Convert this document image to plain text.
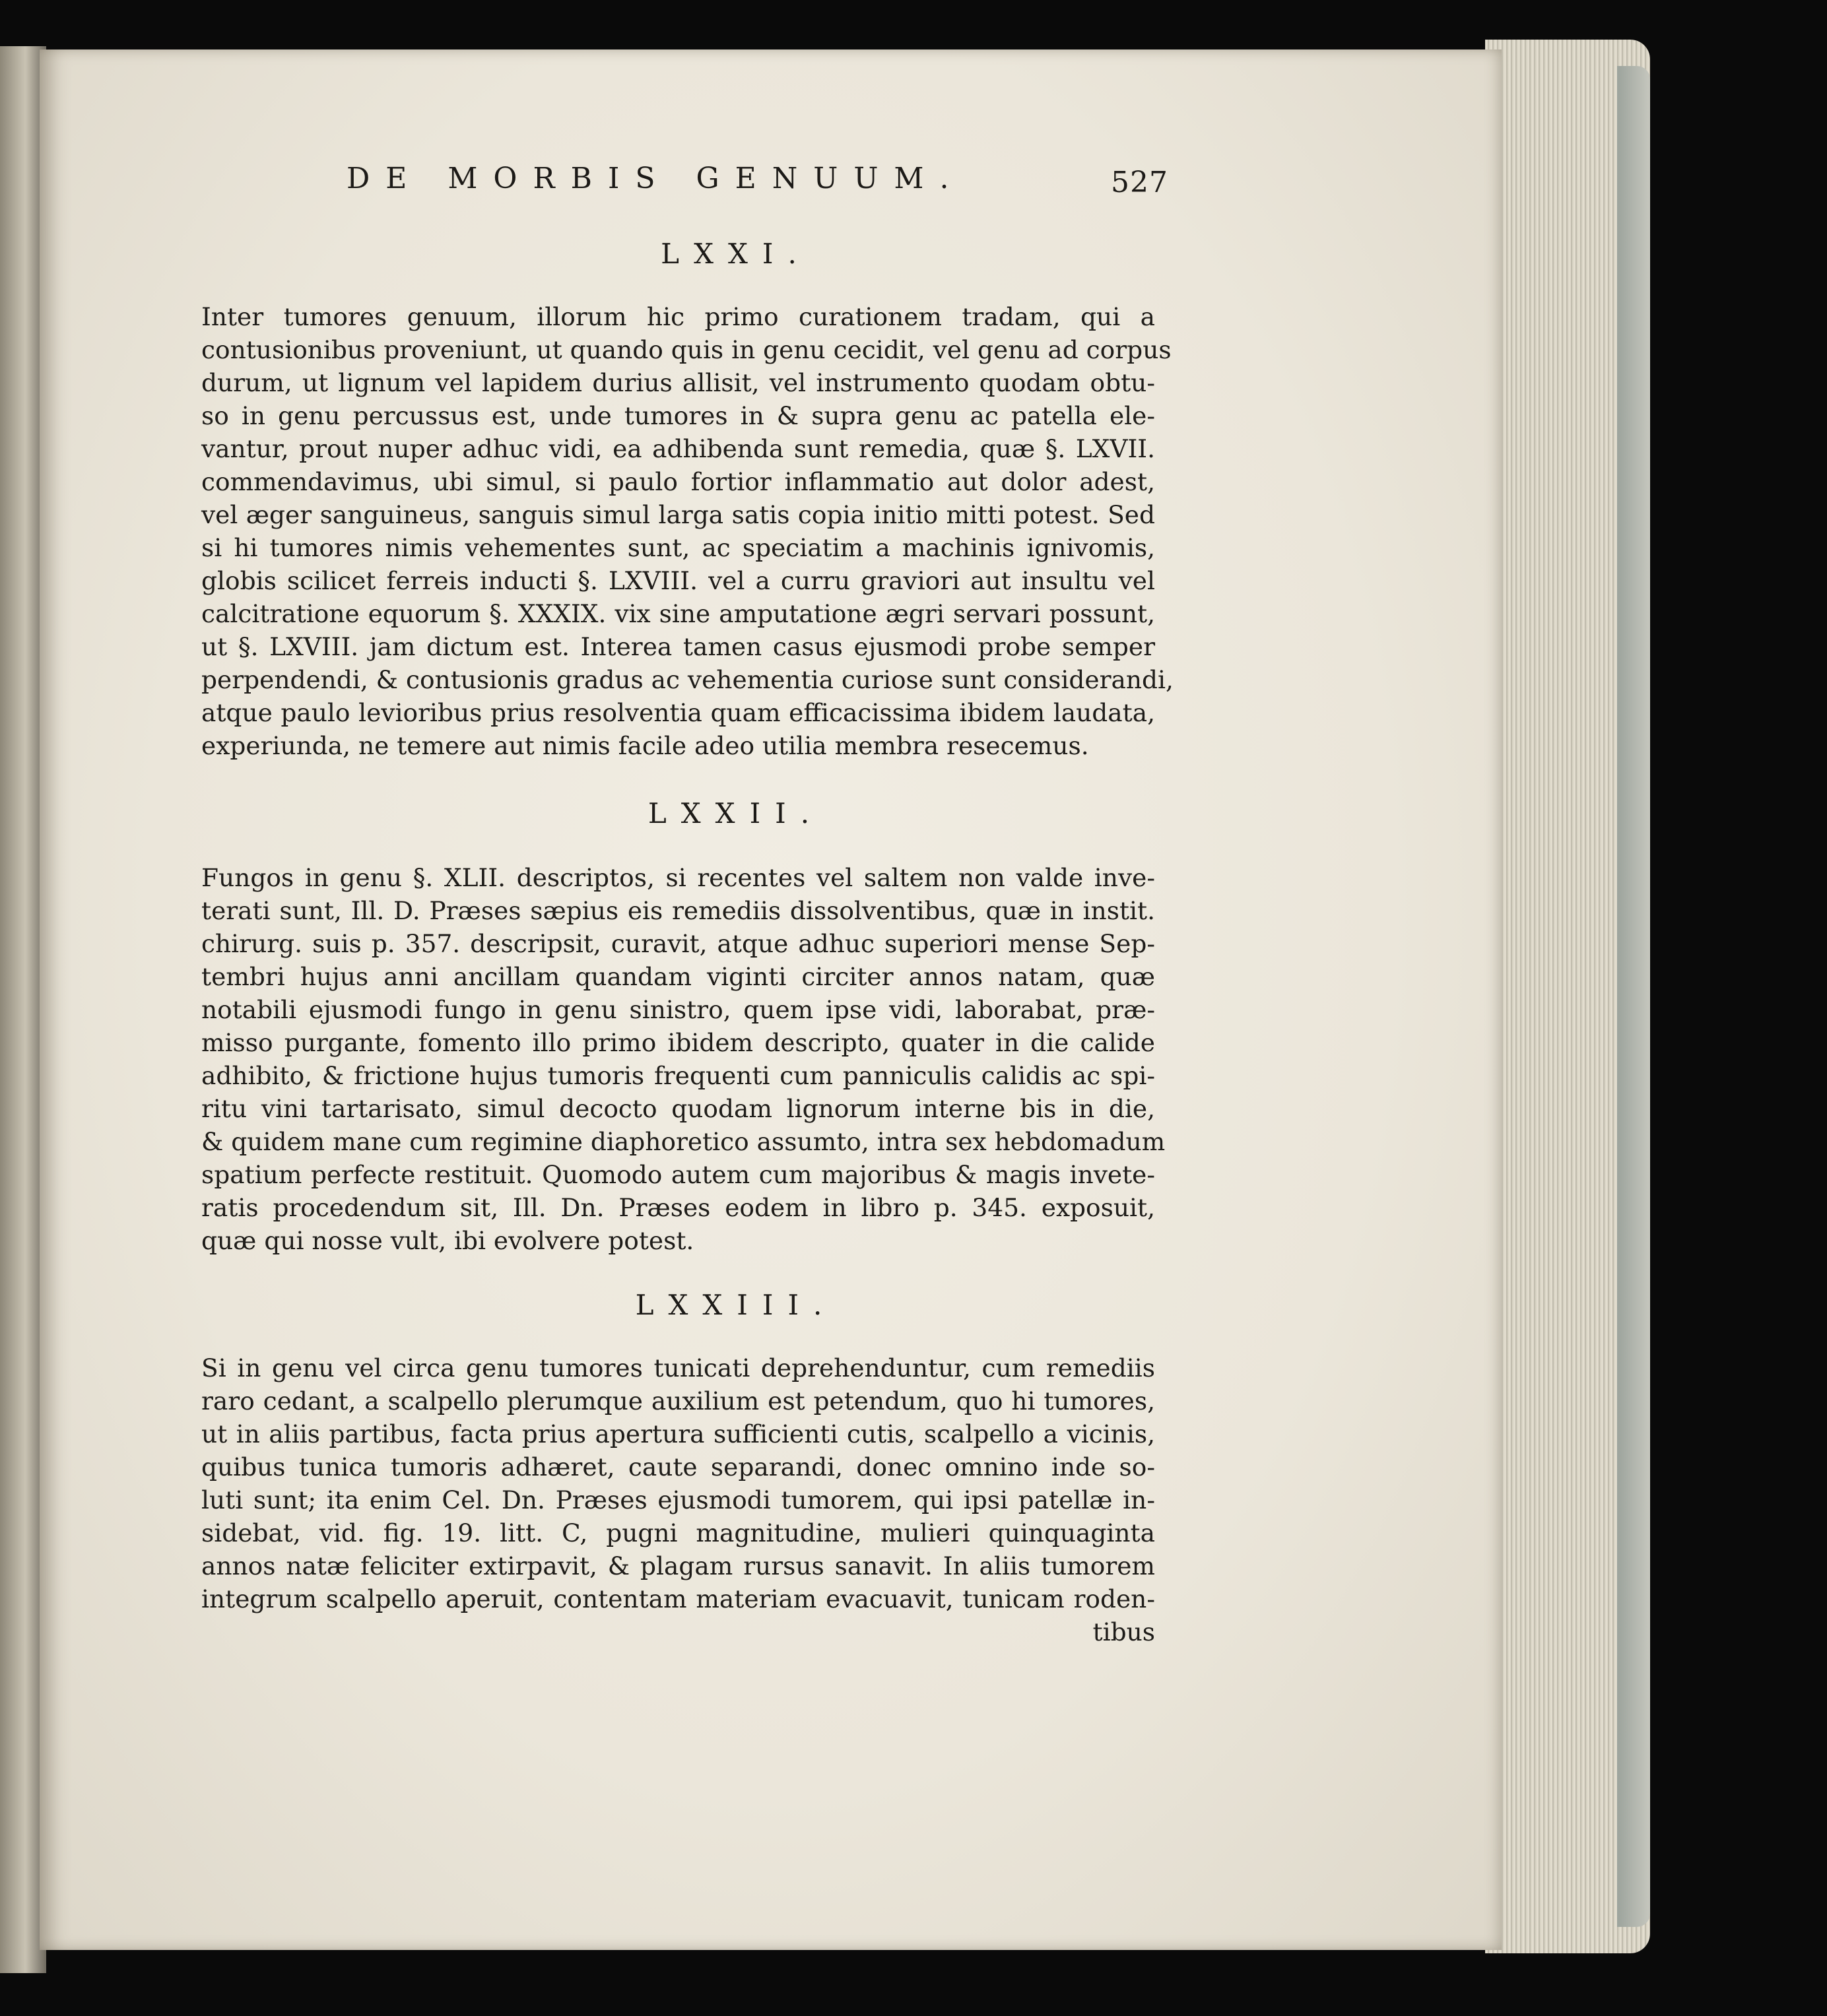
DE MORBIS GENUUM.	527
LXXI.
Inter tumores genuum, illorum hic primo curationem tradam, qui a
contusionibus proveniunt, ut quando quis in genu cecidit, vel genu ad corpus
durum, ut lignum vel lapidem durius allisit, vel instrumento quodam obtu-
so in genu percussus est, unde tumores in & supra genu ac patella ele-
vantur, prout nuper adhuc vidi, ea adhibenda sunt remedia, quæ §. LXVII.
commendavimus, ubi simul, si paulo fortior inflammatio aut dolor adest,
vel æger sanguineus, sanguis simul larga satis copia initio mitti potest. Sed
si hi tumores nimis vehementes sunt, ac speciatim a machinis ignivomis,
globis scilicet ferreis inducti §. LXVIII. vel a curru graviori aut insultu vel
calcitratione equorum §. XXXIX. vix sine amputatione ægri servari possunt,
ut §. LXVIII. jam dictum est. Interea tamen casus ejusmodi probe semper
perpendendi, & contusionis gradus ac vehementia curiose sunt considerandi,
atque paulo levioribus prius resolventia quam efficacissima ibidem laudata,
experiunda, ne temere aut nimis facile adeo utilia membra resecemus.
LXXII.
Fungos in genu §. XLII. descriptos, si recentes vel saltem non valde inve-
terati sunt, Ill. D. Præses sæpius eis remediis dissolventibus, quæ in instit.
chirurg. suis p. 357. descripsit, curavit, atque adhuc superiori mense Sep-
tembri hujus anni ancillam quandam viginti circiter annos natam, quæ
notabili ejusmodi fungo in genu sinistro, quem ipse vidi, laborabat, præ-
misso purgante, fomento illo primo ibidem descripto, quater in die calide
adhibito, & frictione hujus tumoris frequenti cum panniculis calidis ac spi-
ritu vini tartarisato, simul decocto quodam lignorum interne bis in die,
& quidem mane cum regimine diaphoretico assumto, intra sex hebdomadum
spatium perfecte restituit. Quomodo autem cum majoribus & magis invete-
ratis procedendum sit, Ill. Dn. Præses eodem in libro p. 345. exposuit,
quæ qui nosse vult, ibi evolvere potest.
LXXIII.
Si in genu vel circa genu tumores tunicati deprehenduntur, cum remediis
raro cedant, a scalpello plerumque auxilium est petendum, quo hi tumores,
ut in aliis partibus, facta prius apertura sufficienti cutis, scalpello a vicinis,
quibus tunica tumoris adhæret, caute separandi, donec omnino inde so-
luti sunt; ita enim Cel. Dn. Præses ejusmodi tumorem, qui ipsi patellæ in-
sidebat, vid. fig. 19. litt. C, pugni magnitudine, mulieri quinquaginta
annos natæ feliciter extirpavit, & plagam rursus sanavit. In aliis tumorem
integrum scalpello aperuit, contentam materiam evacuavit, tunicam roden-
tibus
